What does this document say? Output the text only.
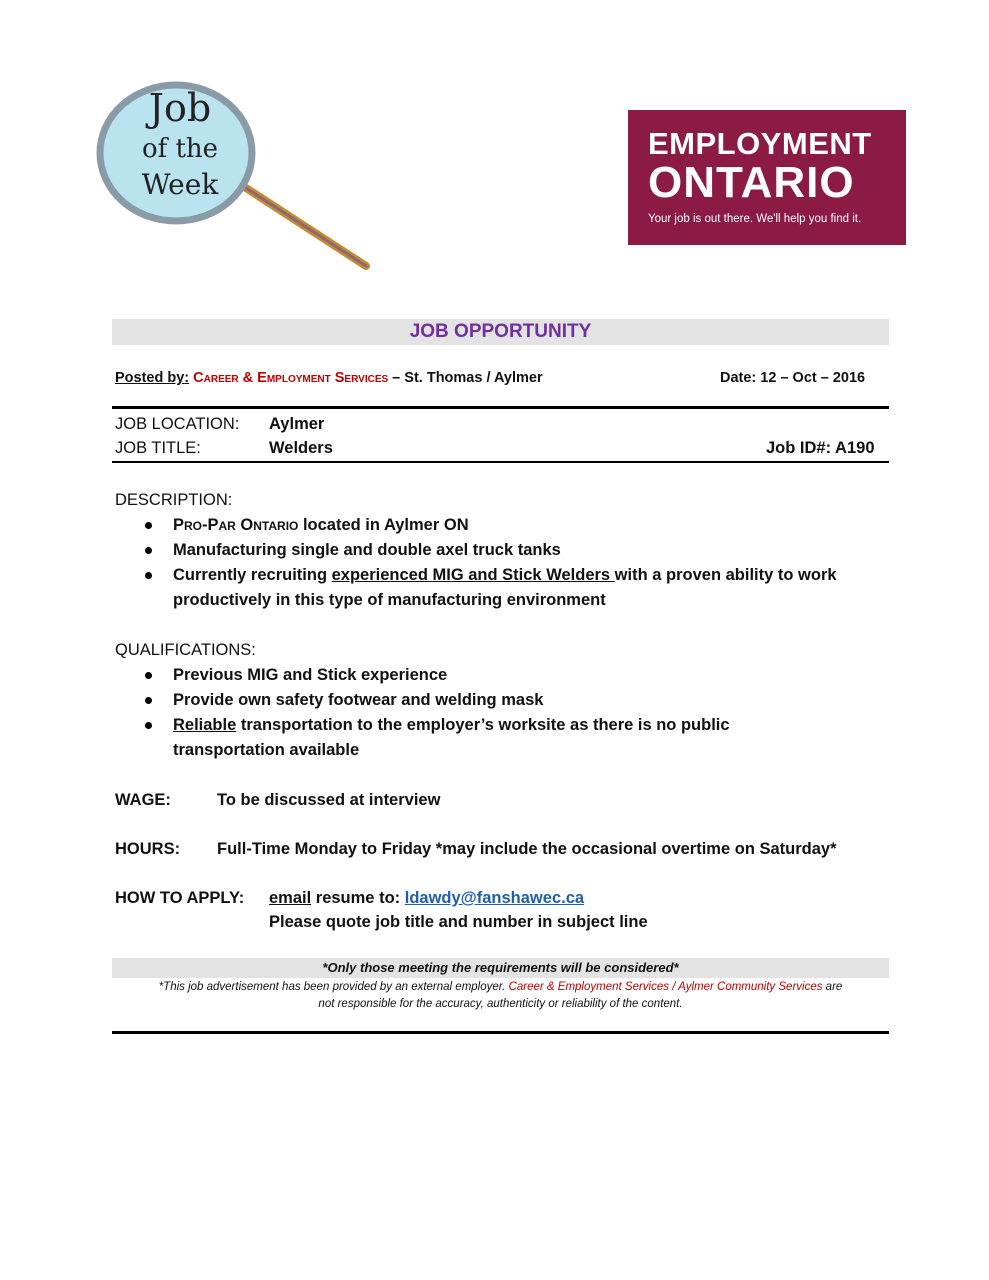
Job
of the
Week
EMPLOYMENT
ONTARIO
Your job is out there. We'll help you find it.
JOB OPPORTUNITY
Posted by: Career & Employment Services – St. Thomas / Aylmer	Date: 12 – Oct – 2016
JOB LOCATION: Aylmer
JOB TITLE:	Welders	Job ID#: A190
DESCRIPTION:
Pro-Par Ontario located in Aylmer ON
Manufacturing single and double axel truck tanks
Currently recruiting experienced MIG and Stick Welders with a proven ability to work productively in this type of manufacturing environment
QUALIFICATIONS:
Previous MIG and Stick experience
Provide own safety footwear and welding mask
Reliable transportation to the employer’s worksite as there is no public transportation available
WAGE:	To be discussed at interview
HOURS: Full-Time Monday to Friday *may include the occasional overtime on Saturday*
HOW TO APPLY: email resume to: ldawdy@fanshawec.ca
Please quote job title and number in subject line
*Only those meeting the requirements will be considered*
*This job advertisement has been provided by an external employer. Career & Employment Services / Aylmer Community Services are
not responsible for the accuracy, authenticity or reliability of the content.
